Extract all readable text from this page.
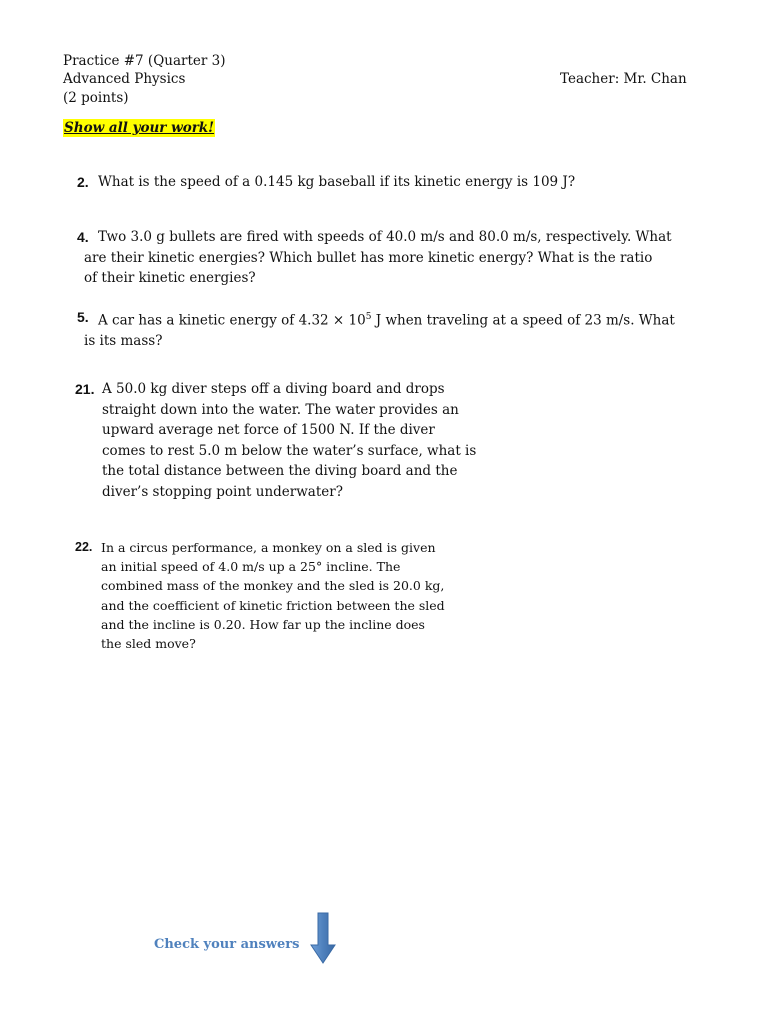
Practice #7 (Quarter 3)
Advanced Physics
(2 points)
Teacher: Mr. Chan
Show all your work!
2. What is the speed of a 0.145 kg baseball if its kinetic energy is 109 J?
4. Two 3.0 g bullets are fired with speeds of 40.0 m/s and 80.0 m/s, respectively. What
are their kinetic energies? Which bullet has more kinetic energy? What is the ratio
of their kinetic energies?
5. A car has a kinetic energy of $4.32 \times 10^5$ J when traveling at a speed of 23 m/s. What
is its mass?
21. A 50.0 kg diver steps off a diving board and drops
straight down into the water. The water provides an
upward average net force of 1500 N. If the diver
comes to rest 5.0 m below the water’s surface, what is
the total distance between the diving board and the
diver’s stopping point underwater?
22. In a circus performance, a monkey on a sled is given
an initial speed of 4.0 m/s up a 25° incline. The
combined mass of the monkey and the sled is 20.0 kg,
and the coefficient of kinetic friction between the sled
and the incline is 0.20. How far up the incline does
the sled move?
Check your answers
